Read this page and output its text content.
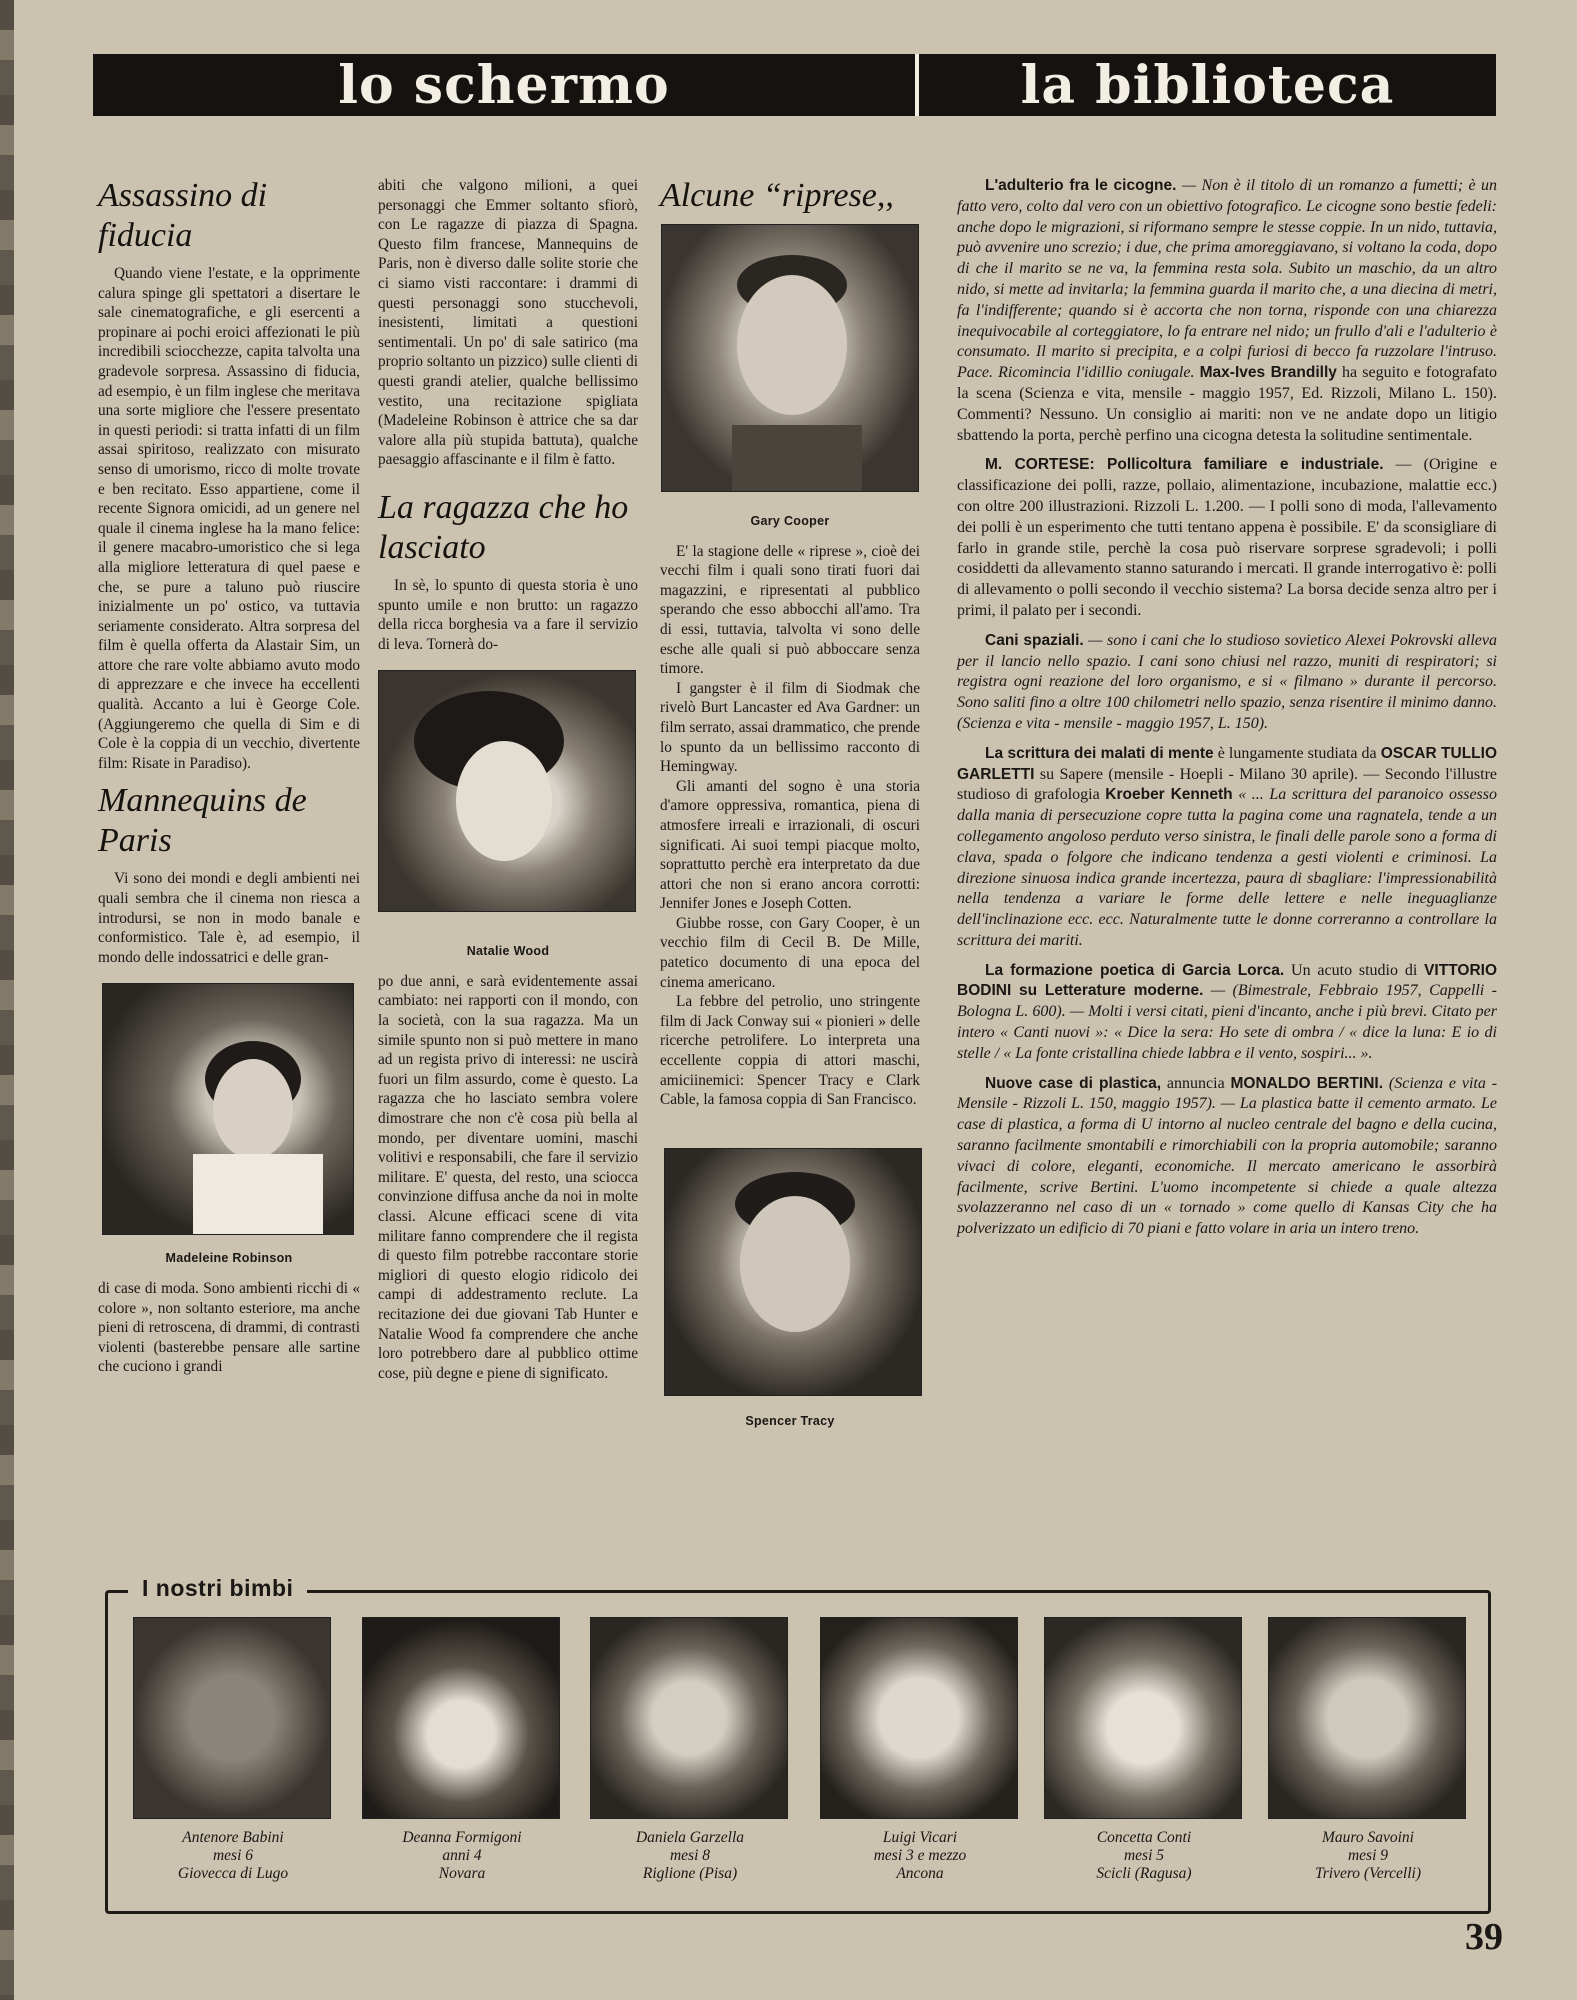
lo schermo	la biblioteca
Assassino di fiducia

Quando viene l'estate, e la opprimente calura spinge gli spettatori a disertare le sale cinematografiche, e gli esercenti a propinare ai pochi eroici affezionati le più incredibili sciocchezze, capita talvolta una gradevole sorpresa. Assassino di fiducia, ad esempio, è un film inglese che meritava una sorte migliore che l'essere presentato in questi periodi: si tratta infatti di un film assai spiritoso, realizzato con misurato senso di umorismo, ricco di molte trovate e ben recitato. Esso appartiene, come il recente Signora omicidi, ad un genere nel quale il cinema inglese ha la mano felice: il genere macabro-umoristico che si lega alla migliore letteratura di quel paese e che, se pure a taluno può riuscire inizialmente un po' ostico, va tuttavia seriamente considerato. Altra sorpresa del film è quella offerta da Alastair Sim, un attore che rare volte abbiamo avuto modo di apprezzare e che invece ha eccellenti qualità. Accanto a lui è George Cole. (Aggiungeremo che quella di Sim e di Cole è la coppia di un vecchio, divertente film: Risate in Paradiso).

Mannequins de Paris

Vi sono dei mondi e degli ambienti nei quali sembra che il cinema non riesca a introdursi, se non in modo banale e conformistico. Tale è, ad esempio, il mondo delle indossatrici e delle gran-

Madeleine Robinson

di case di moda. Sono ambienti ricchi di « colore », non soltanto esteriore, ma anche pieni di retroscena, di drammi, di contrasti violenti (basterebbe pensare alle sartine che cuciono i grandi

abiti che valgono milioni, a quei personaggi che Emmer soltanto sfiorò, con Le ragazze di piazza di Spagna. Questo film francese, Mannequins de Paris, non è diverso dalle solite storie che ci siamo visti raccontare: i drammi di questi personaggi sono stucchevoli, inesistenti, limitati a questioni sentimentali. Un po' di sale satirico (ma proprio soltanto un pizzico) sulle clienti di questi grandi atelier, qualche bellissimo vestito, una recitazione spigliata (Madeleine Robinson è attrice che sa dar valore alla più stupida battuta), qualche paesaggio affascinante e il film è fatto.

La ragazza che ho lasciato

In sè, lo spunto di questa storia è uno spunto umile e non brutto: un ragazzo della ricca borghesia va a fare il servizio di leva. Tornerà do-

Natalie Wood

po due anni, e sarà evidentemente assai cambiato: nei rapporti con il mondo, con la società, con la sua ragazza. Ma un simile spunto non si può mettere in mano ad un regista privo di interessi: ne uscirà fuori un film assurdo, come è questo. La ragazza che ho lasciato sembra volere dimostrare che non c'è cosa più bella al mondo, per diventare uomini, maschi volitivi e responsabili, che fare il servizio militare. E' questa, del resto, una sciocca convinzione diffusa anche da noi in molte classi. Alcune efficaci scene di vita militare fanno comprendere che il regista di questo film potrebbe raccontare storie migliori di questo elogio ridicolo dei campi di addestramento reclute. La recitazione dei due giovani Tab Hunter e Natalie Wood fa comprendere che anche loro potrebbero dare al pubblico ottime cose, più degne e piene di significato.

Alcune “riprese,,
Gary Cooper

E' la stagione delle « riprese », cioè dei vecchi film i quali sono tirati fuori dai magazzini, e ripresentati al pubblico sperando che esso abbocchi all'amo. Tra di essi, tuttavia, talvolta vi sono delle esche alle quali si può abboccare senza timore.

I gangster è il film di Siodmak che rivelò Burt Lancaster ed Ava Gardner: un film serrato, assai drammatico, che prende lo spunto da un bellissimo racconto di Hemingway.

Gli amanti del sogno è una storia d'amore oppressiva, romantica, piena di atmosfere irreali e irrazionali, di oscuri significati. Ai suoi tempi piacque molto, soprattutto perchè era interpretato da due attori che non si erano ancora corrotti: Jennifer Jones e Joseph Cotten.

Giubbe rosse, con Gary Cooper, è un vecchio film di Cecil B. De Mille, patetico documento di una epoca del cinema americano.

La febbre del petrolio, uno stringente film di Jack Conway sui « pionieri » delle ricerche petrolifere. Lo interpreta una eccellente coppia di attori maschi, amiciinemici: Spencer Tracy e Clark Cable, la famosa coppia di San Francisco.

Spencer Tracy

L'adulterio fra le cicogne. — Non è il titolo di un romanzo a fumetti; è un fatto vero, colto dal vero con un obiettivo fotografico. Le cicogne sono bestie fedeli: anche dopo le migrazioni, si riformano sempre le stesse coppie. In un nido, tuttavia, può avvenire uno screzio; i due, che prima amoreggiavano, si voltano la coda, dopo di che il marito se ne va, la femmina resta sola. Subito un maschio, da un altro nido, si mette ad invitarla; la femmina guarda il marito che, a una diecina di metri, fa l'indifferente; quando si è accorta che non torna, risponde con una chiarezza inequivocabile al corteggiatore, lo fa entrare nel nido; un frullo d'ali e l'adulterio è consumato. Il marito si precipita, e a colpi furiosi di becco fa ruzzolare l'intruso. Pace. Ricomincia l'idillio coniugale. Max-Ives Brandilly ha seguito e fotografato la scena (Scienza e vita, mensile - maggio 1957, Ed. Rizzoli, Milano L. 150). Commenti? Nessuno. Un consiglio ai mariti: non ve ne andate dopo un litigio sbattendo la porta, perchè perfino una cicogna detesta la solitudine sentimentale.

M. CORTESE: Pollicoltura familiare e industriale. — (Origine e classificazione dei polli, razze, pollaio, alimentazione, incubazione, malattie ecc.) con oltre 200 illustrazioni. Rizzoli L. 1.200. — I polli sono di moda, l'allevamento dei polli è un esperimento che tutti tentano appena è possibile. E' da sconsigliare di farlo in grande stile, perchè la cosa può riservare sorprese sgradevoli; i polli cosiddetti da allevamento stanno saturando i mercati. Il grande interrogativo è: polli di allevamento o polli secondo il vecchio sistema? La borsa decide senza altro per i primi, il palato per i secondi.

Cani spaziali. — sono i cani che lo studioso sovietico Alexei Pokrovski alleva per il lancio nello spazio. I cani sono chiusi nel razzo, muniti di respiratori; si registra ogni reazione del loro organismo, e si « filmano » durante il percorso. Sono saliti fino a oltre 100 chilometri nello spazio, senza risentire il minimo danno. (Scienza e vita - mensile - maggio 1957, L. 150).

La scrittura dei malati di mente è lungamente studiata da OSCAR TULLIO GARLETTI su Sapere (mensile - Hoepli - Milano 30 aprile). — Secondo l'illustre studioso di grafologia Kroeber Kenneth « ... La scrittura del paranoico ossesso dalla mania di persecuzione copre tutta la pagina come una ragnatela, tende a un collegamento angoloso perduto verso sinistra, le finali delle parole sono a forma di clava, spada o folgore che indicano tendenza a gesti violenti e criminosi. La direzione sinuosa indica grande incertezza, paura di sbagliare: l'impressionabilità nella tendenza a variare le forme delle lettere e nelle ineguaglianze dell'inclinazione ecc. ecc. Naturalmente tutte le donne correranno a controllare la scrittura dei mariti.

La formazione poetica di Garcia Lorca. Un acuto studio di VITTORIO BODINI su Letterature moderne. — (Bimestrale, Febbraio 1957, Cappelli - Bologna L. 600). — Molti i versi citati, pieni d'incanto, anche i più brevi. Citato per intero « Canti nuovi »: « Dice la sera: Ho sete di ombra / « dice la luna: E io di stelle / « La fonte cristallina chiede labbra e il vento, sospiri... ».

Nuove case di plastica, annuncia MONALDO BERTINI. (Scienza e vita - Mensile - Rizzoli L. 150, maggio 1957). — La plastica batte il cemento armato. Le case di plastica, a forma di U intorno al nucleo centrale del bagno e della cucina, saranno facilmente smontabili e rimorchiabili con la propria automobile; saranno vivaci di colore, eleganti, economiche. Il mercato americano le assorbirà facilmente, scrive Bertini. L'uomo incompetente si chiede a quale altezza svolazzeranno nel caso di un « tornado » come quello di Kansas City che ha polverizzato un edificio di 70 piani e fatto volare in aria un intero treno.

I nostri bimbi
Antenore Babini
mesi 6
Giovecca di Lugo
Deanna Formigoni
anni 4
Novara
Daniela Garzella
mesi 8
Riglione (Pisa)
Luigi Vicari
mesi 3 e mezzo
Ancona
Concetta Conti
mesi 5
Scicli (Ragusa)
Mauro Savoini
mesi 9
Trivero (Vercelli)
39
